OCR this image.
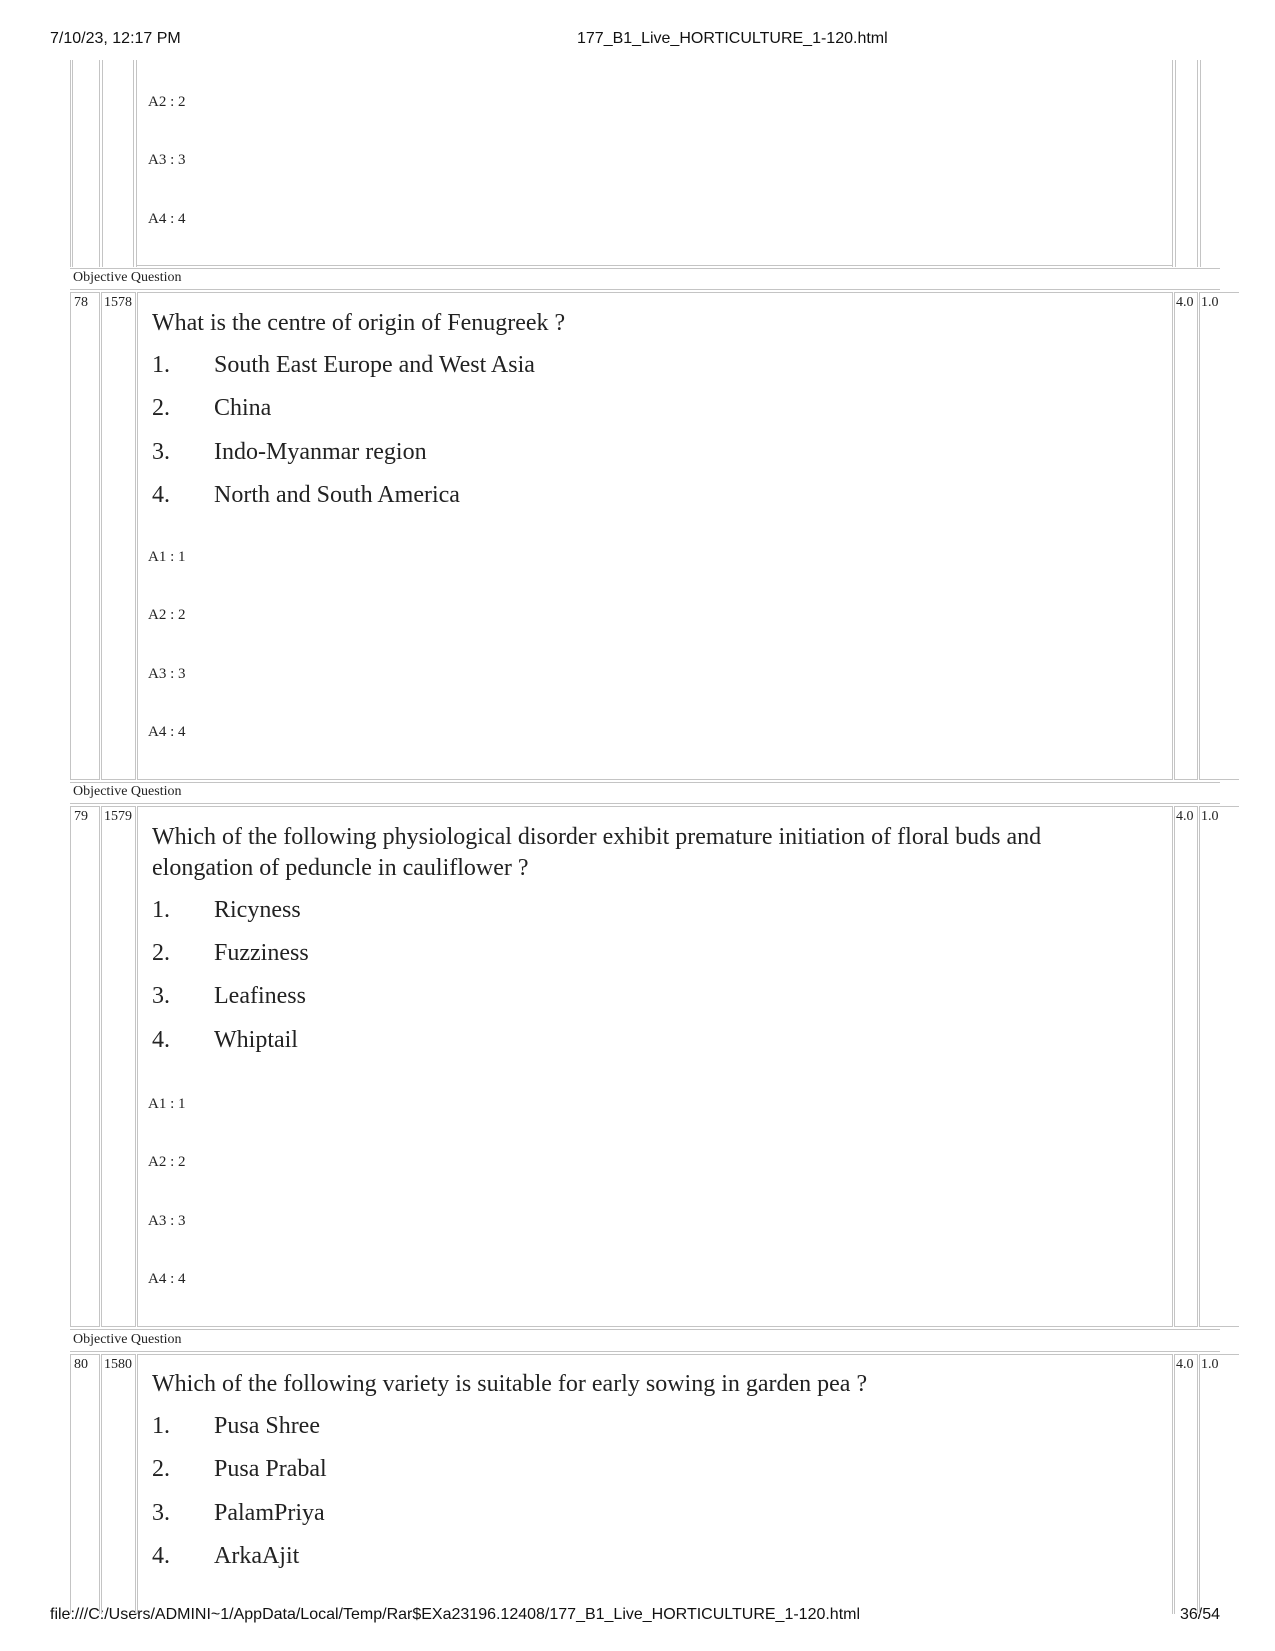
7/10/23, 12:17 PM	177_B1_Live_HORTICULTURE_1-120.html
file:///C:/Users/ADMINI~1/AppData/Local/Temp/Rar$EXa23196.12408/177_B1_Live_HORTICULTURE_1-120.html	36/54
A2 : 2
A3 : 3
A4 : 4
Objective Question
78 1578	4.0 1.0
What is the centre of origin of Fenugreek ?
1. South East Europe and West Asia
2. China
3. Indo-Myanmar region
4. North and South America
A1 : 1
A2 : 2
A3 : 3
A4 : 4
Objective Question
79 1579	4.0 1.0
Which of the following physiological disorder exhibit premature initiation of floral buds and elongation of peduncle in cauliflower ?
1. Ricyness
2. Fuzziness
3. Leafiness
4. Whiptail
A1 : 1
A2 : 2
A3 : 3
A4 : 4
Objective Question
80 1580	4.0 1.0
Which of the following variety is suitable for early sowing in garden pea ?
1. Pusa Shree
2. Pusa Prabal
3. PalamPriya
4. ArkaAjit
